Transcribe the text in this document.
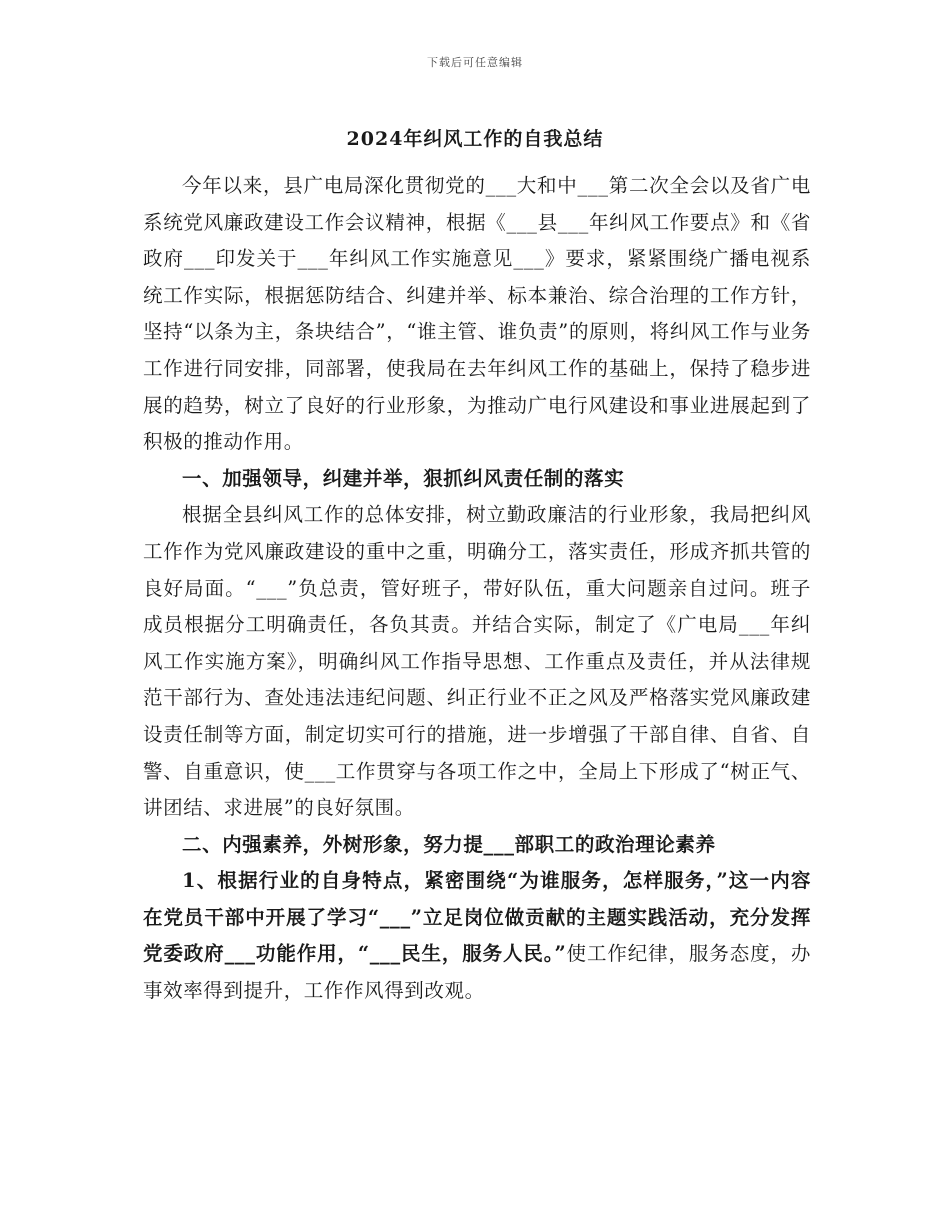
下载后可任意编辑
2024年纠风工作的自我总结

今年以来，县广电局深化贯彻党的___大和中___第二次全会以及省广电系统党风廉政建设工作会议精神，根据《___县___年纠风工作要点》和《省政府___印发关于___年纠风工作实施意见___》要求，紧紧围绕广播电视系统工作实际，根据惩防结合、纠建并举、标本兼治、综合治理的工作方针，坚持“以条为主，条块结合”，“谁主管、谁负责”的原则，将纠风工作与业务工作进行同安排，同部署，使我局在去年纠风工作的基础上，保持了稳步进展的趋势，树立了良好的行业形象，为推动广电行风建设和事业进展起到了积极的推动作用。

一、加强领导，纠建并举，狠抓纠风责任制的落实

根据全县纠风工作的总体安排，树立勤政廉洁的行业形象，我局把纠风工作作为党风廉政建设的重中之重，明确分工，落实责任，形成齐抓共管的良好局面。“___”负总责，管好班子，带好队伍，重大问题亲自过问。班子成员根据分工明确责任，各负其责。并结合实际，制定了《广电局___年纠风工作实施方案》，明确纠风工作指导思想、工作重点及责任，并从法律规范干部行为、查处违法违纪问题、纠正行业不正之风及严格落实党风廉政建设责任制等方面，制定切实可行的措施，进一步增强了干部自律、自省、自警、自重意识，使___工作贯穿与各项工作之中，全局上下形成了“树正气、讲团结、求进展”的良好氛围。

二、内强素养，外树形象，努力提___部职工的政治理论素养

1、根据行业的自身特点，紧密围绕“为谁服务，怎样服务，”这一内容在党员干部中开展了学习“___”立足岗位做贡献的主题实践活动，充分发挥党委政府___功能作用，“___民生，服务人民。”使工作纪律，服务态度，办事效率得到提升，工作作风得到改观。
